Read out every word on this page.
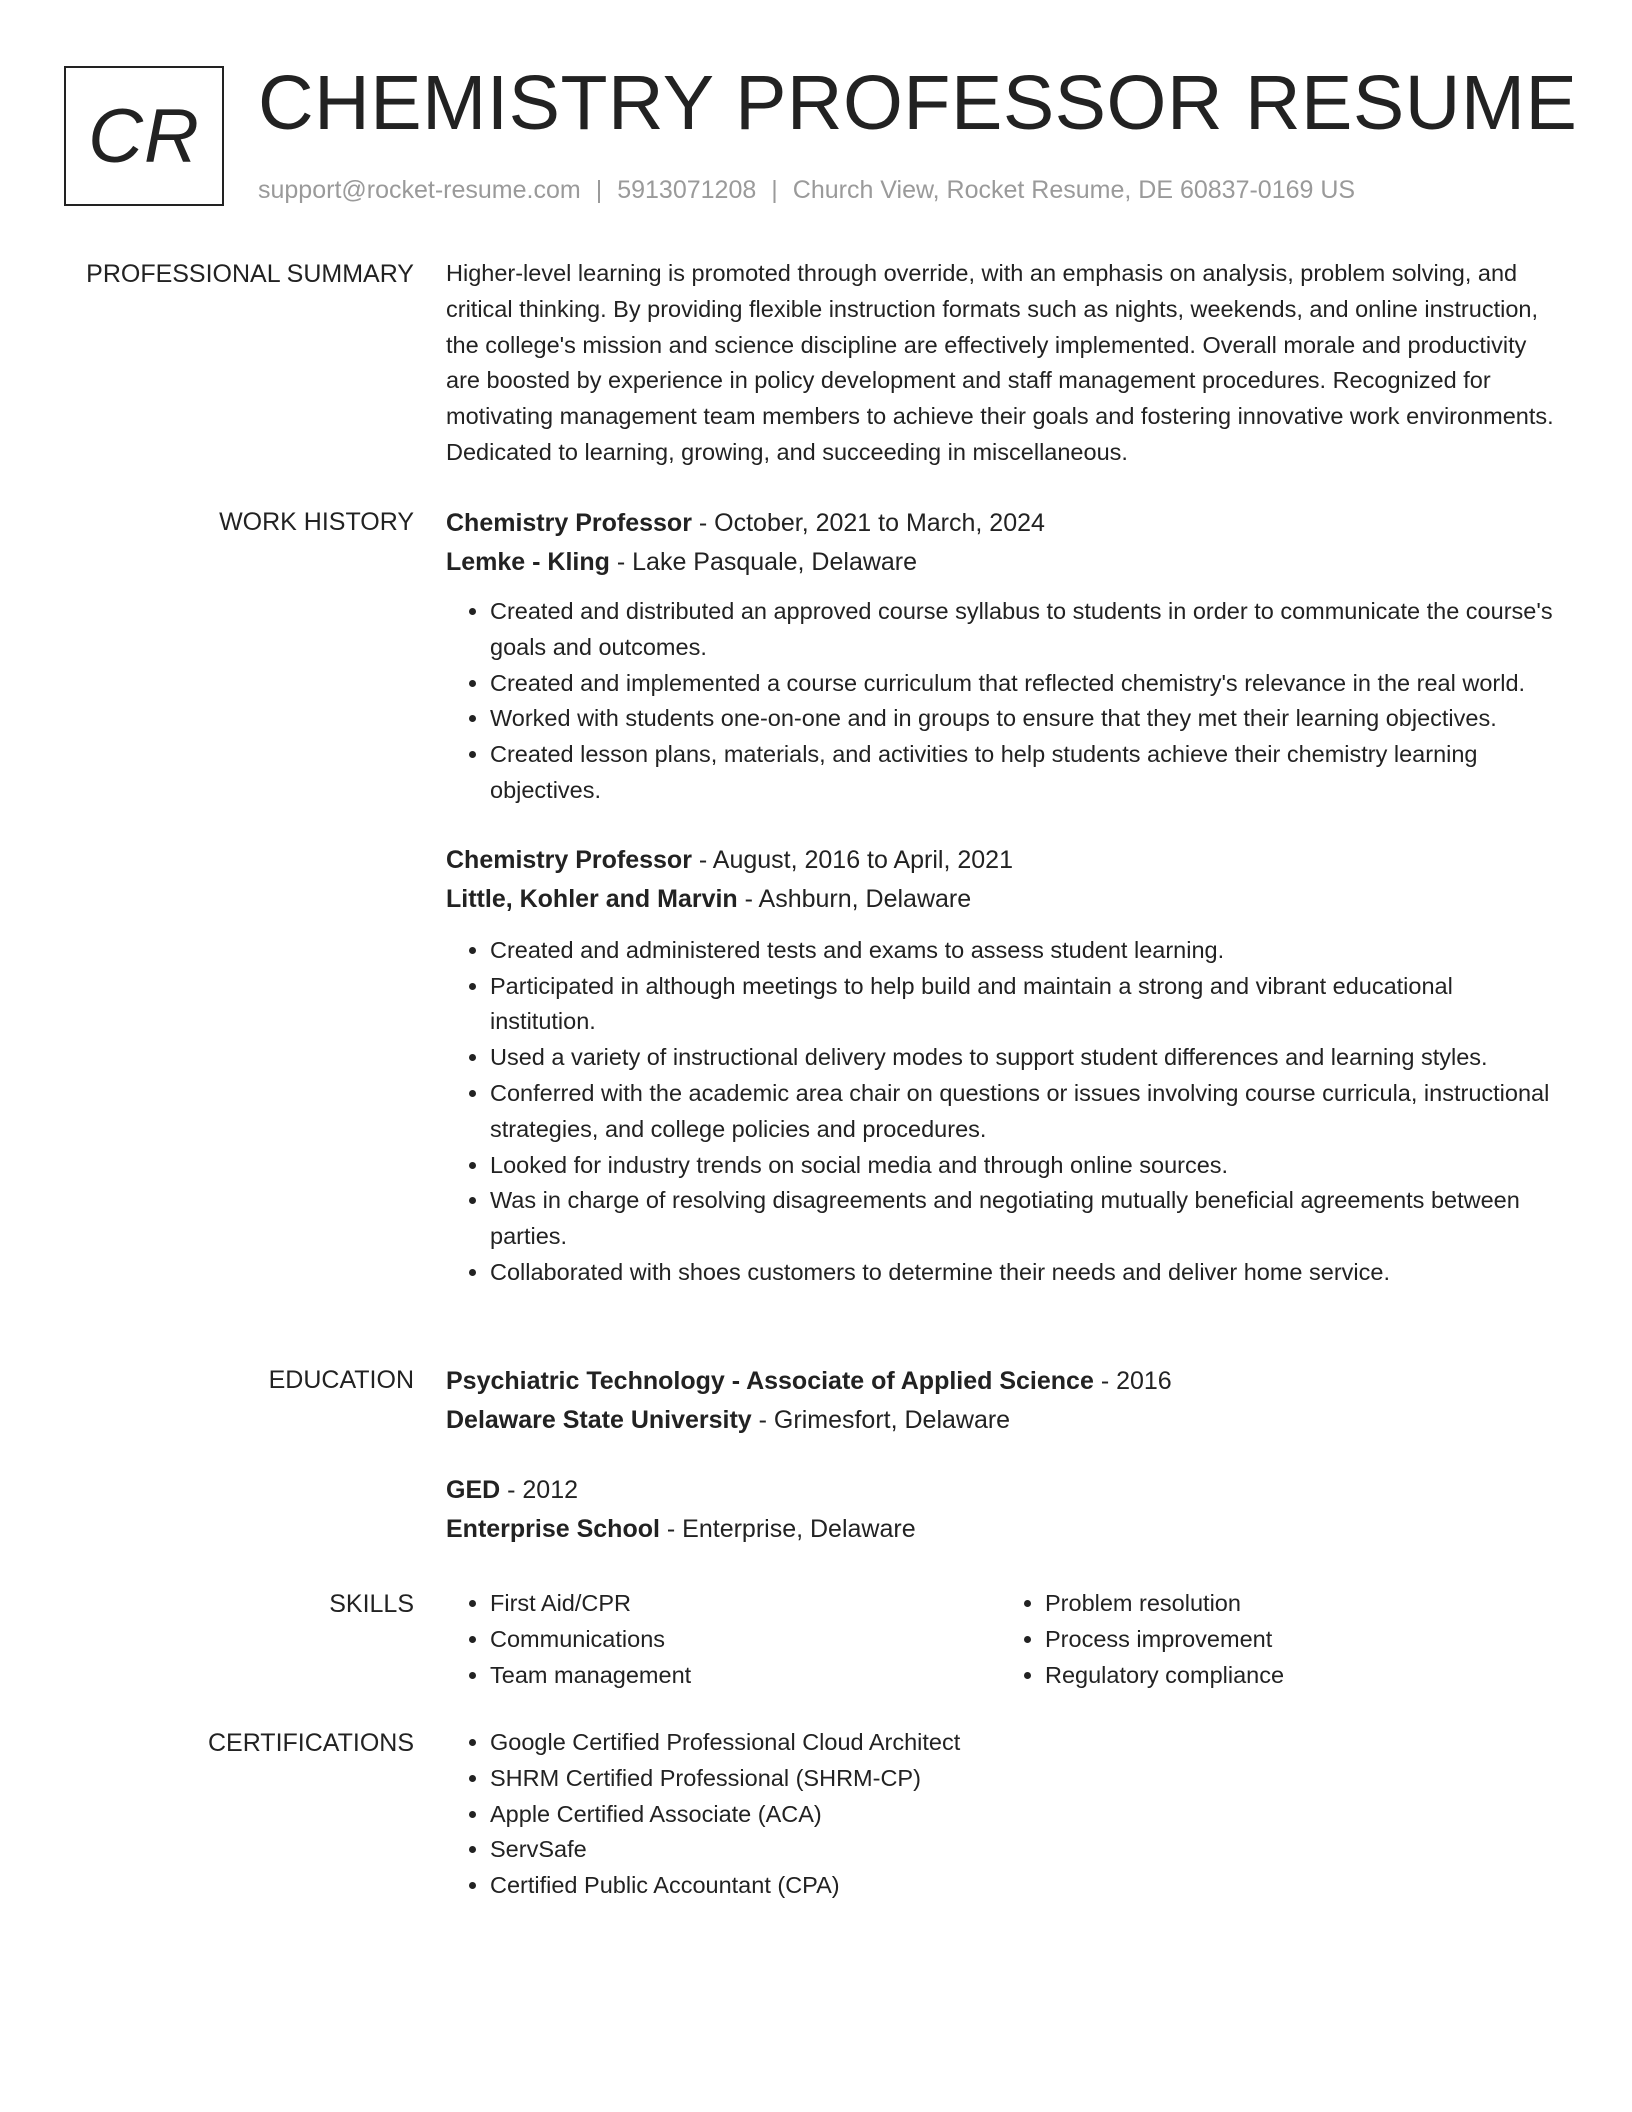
CR CHEMISTRY PROFESSOR RESUME
support@rocket-resume.com | 5913071208 | Church View, Rocket Resume, DE 60837-0169 US
PROFESSIONAL SUMMARY Higher-level learning is promoted through override, with an emphasis on analysis, problem solving, and critical thinking. By providing flexible instruction formats such as nights, weekends, and online instruction, the college's mission and science discipline are effectively implemented. Overall morale and productivity are boosted by experience in policy development and staff management procedures. Recognized for motivating management team members to achieve their goals and fostering innovative work environments. Dedicated to learning, growing, and succeeding in miscellaneous.

WORK HISTORY Chemistry Professor - October, 2021 to March, 2024
Lemke - Kling - Lake Pasquale, Delaware
• Created and distributed an approved course syllabus to students in order to communicate the course's goals and outcomes.
• Created and implemented a course curriculum that reflected chemistry's relevance in the real world.
• Worked with students one-on-one and in groups to ensure that they met their learning objectives.
• Created lesson plans, materials, and activities to help students achieve their chemistry learning objectives.
Chemistry Professor - August, 2016 to April, 2021
Little, Kohler and Marvin - Ashburn, Delaware
• Created and administered tests and exams to assess student learning.
• Participated in although meetings to help build and maintain a strong and vibrant educational institution.
• Used a variety of instructional delivery modes to support student differences and learning styles.
• Conferred with the academic area chair on questions or issues involving course curricula, instructional strategies, and college policies and procedures.
• Looked for industry trends on social media and through online sources.
• Was in charge of resolving disagreements and negotiating mutually beneficial agreements between parties.
• Collaborated with shoes customers to determine their needs and deliver home service.
EDUCATION Psychiatric Technology - Associate of Applied Science - 2016
Delaware State University - Grimesfort, Delaware
GED - 2012
Enterprise School - Enterprise, Delaware
SKILLS	• First Aid/CPR
• Communications
• Team management
• Problem resolution
• Process improvement
• Regulatory compliance
CERTIFICATIONS	• Google Certified Professional Cloud Architect
• SHRM Certified Professional (SHRM-CP)
• Apple Certified Associate (ACA)
• ServSafe
• Certified Public Accountant (CPA)
